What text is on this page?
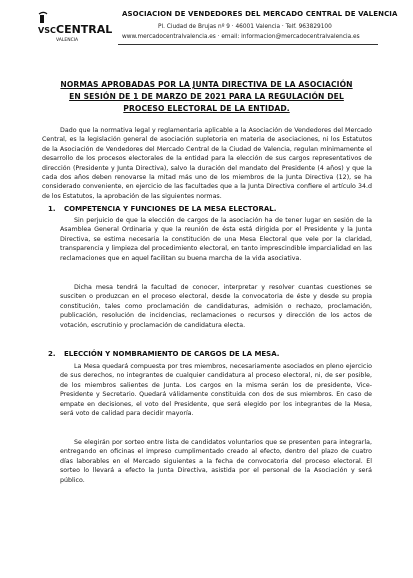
VSC CENTRAL
VALENCIA
ASOCIACION DE VENDEDORES DEL MERCADO CENTRAL DE VALENCIA
Pl. Ciudad de Brujas nº 9 · 46001 Valencia · Telf. 963829100
www.mercadocentralvalencia.es · email: informacion@mercadocentralvalencia.es
NORMAS APROBADAS POR LA JUNTA DIRECTIVA DE LA ASOCIACIÓN EN SESIÓN DE 1 DE MARZO DE 2021 PARA LA REGULACIÓN DEL PROCESO ELECTORAL DE LA ENTIDAD.
Dado que la normativa legal y reglamentaria aplicable a la Asociación de Vendedores del Mercado Central, es la legislación general de asociación supletoria en materia de asociaciones, ni los Estatutos de la Asociación de Vendedores del Mercado Central de la Ciudad de Valencia, regulan mínimamente el desarrollo de los procesos electorales de la entidad para la elección de sus cargos representativos de dirección (Presidente y Junta Directiva), salvo la duración del mandato del Presidente (4 años) y que la cada dos años deben renovarse la mitad más uno de los miembros de la Junta Directiva (12), se ha considerado conveniente, en ejercicio de las facultades que a la Junta Directiva confiere el artículo 34.d de los Estatutos, la aprobación de las siguientes normas.
1. COMPETENCIA Y FUNCIONES DE LA MESA ELECTORAL.
Sin perjuicio de que la elección de cargos de la asociación ha de tener lugar en sesión de la Asamblea General Ordinaria y que la reunión de ésta está dirigida por el Presidente y la Junta Directiva, se estima necesaria la constitución de una Mesa Electoral que vele por la claridad, transparencia y limpieza del procedimiento electoral, en tanto imprescindible imparcialidad en las reclamaciones que en aquel facilitan su buena marcha de la vida asociativa.
Dicha mesa tendrá la facultad de conocer, interpretar y resolver cuantas cuestiones se susciten o produzcan en el proceso electoral, desde la convocatoria de éste y desde su propia constitución, tales como proclamación de candidaturas, admisión o rechazo, proclamación, publicación, resolución de incidencias, reclamaciones o recursos y dirección de los actos de votación, escrutinio y proclamación de candidatura electa.
2. ELECCIÓN Y NOMBRAMIENTO DE CARGOS DE LA MESA.
La Mesa quedará compuesta por tres miembros, necesariamente asociados en pleno ejercicio de sus derechos, no integrantes de cualquier candidatura al proceso electoral, ni, de ser posible, de los miembros salientes de Junta. Los cargos en la misma serán los de presidente, Vice-Presidente y Secretario. Quedará válidamente constituida con dos de sus miembros. En caso de empate en decisiones, el voto del Presidente, que será elegido por los integrantes de la Mesa, será voto de calidad para decidir mayoría.
Se elegirán por sorteo entre lista de candidatos voluntarios que se presenten para integrarla, entregando en oficinas el impreso cumplimentado creado al efecto, dentro del plazo de cuatro días laborables en el Mercado siguientes a la fecha de convocatoria del proceso electoral. El sorteo lo llevará a efecto la Junta Directiva, asistida por el personal de la Asociación y será público.
